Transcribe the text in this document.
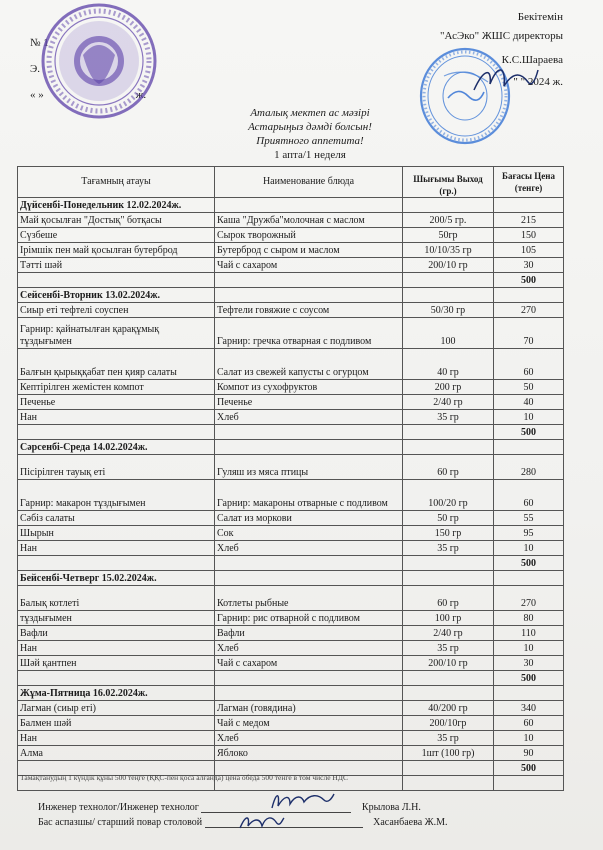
№ 1
Э.
« »	ж.
Бекітемін
"АсЭко" ЖШС директоры
К.С.Шараева
" " 2024 ж.
Аталық мектеп ас мәзірі
Астарыңыз дәмді болсын!
Приятного аппетита!
1 апта/1 неделя
Тағамның атауы	Наименование блюда	Шығымы Выход (гр.)	Бағасы Цена (тенге)
Дүйсенбі-Понедельник 12.02.2024ж.			
Май қосылған "Достық" ботқасы	Каша "Дружба"молочная с маслом	200/5 гр.	215
Сүзбеше	Сырок творожный	50гр	150
Ірімшік пен май қосылған бутерброд	Бутерброд с сыром и маслом	10/10/35 гр	105
Тәтті шәй	Чай с сахаром	200/10 гр	30
			500
Сейсенбі-Вторник 13.02.2024ж.			
Сиыр еті тефтелі соуспен	Тефтели говяжие с соусом	50/30 гр	270
Гарнир: қайнатылған қарақұмық тұздығымен	Гарнир: гречка отварная с подливом	100	70
Балғын қырыққабат пен қияр салаты	Салат из свежей капусты с огурцом	40 гр	60
Кептірілген жемістен компот	Компот из сухофруктов	200 гр	50
Печенье	Печенье	2/40 гр	40
Нан	Хлеб	35 гр	10
			500
Сәрсенбі-Среда 14.02.2024ж.			
Пісірілген тауық еті	Гуляш из мяса птицы	60 гр	280
Гарнир: макарон тұздығымен	Гарнир: макароны отварные с подливом	100/20 гр	60
Сәбіз салаты	Салат из моркови	50 гр	55
Шырын	Сок	150 гр	95
Нан	Хлеб	35 гр	10
			500
Бейсенбі-Четверг 15.02.2024ж.			
Балық котлеті	Котлеты рыбные	60 гр	270
тұздығымен	Гарнир: рис отварной с подливом	100 гр	80
Вафли	Вафли	2/40 гр	110
Нан	Хлеб	35 гр	10
Шәй қантпен	Чай с сахаром	200/10 гр	30
			500
Жұма-Пятница 16.02.2024ж.			
Лагман (сиыр еті)	Лагман (говядина)	40/200 гр	340
Балмен шәй	Чай с медом	200/10гр	60
Нан	Хлеб	35 гр	10
Алма	Яблоко	1шт (100 гр)	90
			500

Тамақтанудың 1 күндік құны 500 теңге (ҚҚС-пен қоса алғанда) цена обеда 500 тенге в том числе НДС
Инженер технолог/Инженер технолог	Крылова Л.Н.
Бас аспазшы/ старший повар столовой	Хасанбаева Ж.М.
